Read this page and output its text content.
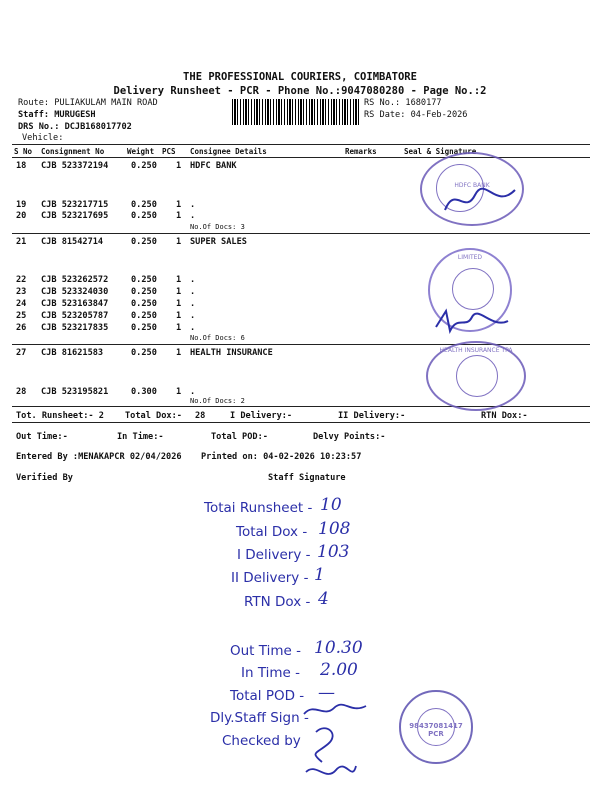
THE PROFESSIONAL COURIERS, COIMBATORE
Delivery Runsheet - PCR - Phone No.:9047080280 - Page No.:2
Route: PULIAKULAM MAIN ROAD
Staff: MURUGESH
DRS No.: DCJB168017702
Vehicle:
RS No.: 1680177
RS Date: 04-Feb-2026
S No Consignment No	Weight PCS Consignee Details	Remarks	Seal & Signature
18 CJB 523372194	0.250 1 HDFC BANK
19 CJB 523217715	0.250 1 .
20 CJB 523217695	0.250 1 .
No.Of Docs: 3
21 CJB 81542714	0.250 1 SUPER SALES
22 CJB 523262572	0.250 1 .
23 CJB 523324030	0.250 1 .
24 CJB 523163847	0.250 1 .
25 CJB 523205787	0.250 1 .
26 CJB 523217835	0.250 1 .
No.Of Docs: 6
27 CJB 81621583	0.250 1 HEALTH INSURANCE
28 CJB 523195821	0.300 1 .
No.Of Docs: 2
Tot. Runsheet:- 2 Total Dox:- 28	I Delivery:-	II Delivery:-	RTN Dox:-
Out Time:-	In Time:-	Total POD:-	Delvy Points:-
Entered By :MENAKAPCR 02/04/2026 Printed on: 04-02-2026 10:23:57
Verified By	Staff Signature
HDFC BANK
LIMITED
HEALTH INSURANCE TPA
98437081417 PCR
Totai Runsheet - 10
Total Dox - 108
I Delivery - 103
II Delivery - 1
RTN Dox - 4
Out Time - 10.30
In Time - 2.00
Total POD - —
Dly.Staff Sign -
Checked by
